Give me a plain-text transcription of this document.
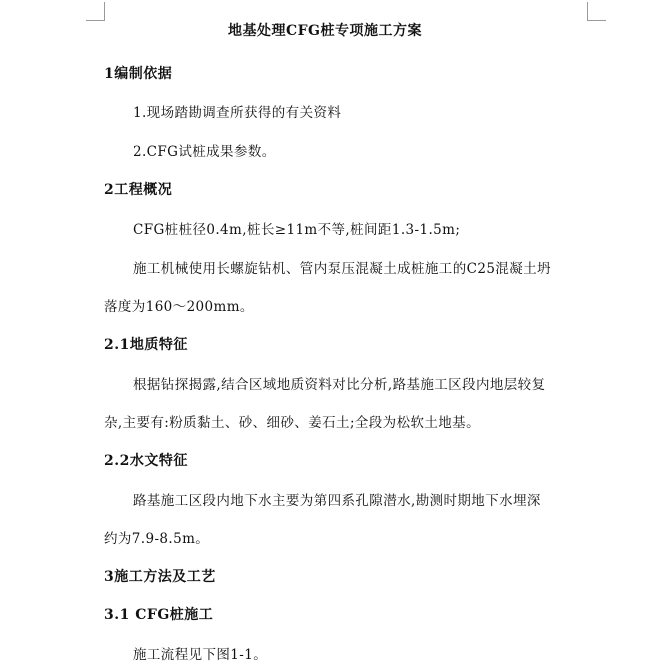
地基处理CFG桩专项施工方案
1编制依据
1.现场踏勘调查所获得的有关资料
2.CFG试桩成果参数。
2工程概况
CFG桩桩径0.4m,桩长≥11m不等,桩间距1.3-1.5m;
施工机械使用长螺旋钻机、管内泵压混凝土成桩施工的C25混凝土坍
落度为160～200mm。
2.1地质特征
根据钻探揭露,结合区域地质资料对比分析,路基施工区段内地层较复
杂,主要有:粉质黏土、砂、细砂、姜石土;全段为松软土地基。
2.2水文特征
路基施工区段内地下水主要为第四系孔隙潜水,勘测时期地下水埋深
约为7.9-8.5m。
3施工方法及工艺
3.1 CFG桩施工
施工流程见下图1-1。
